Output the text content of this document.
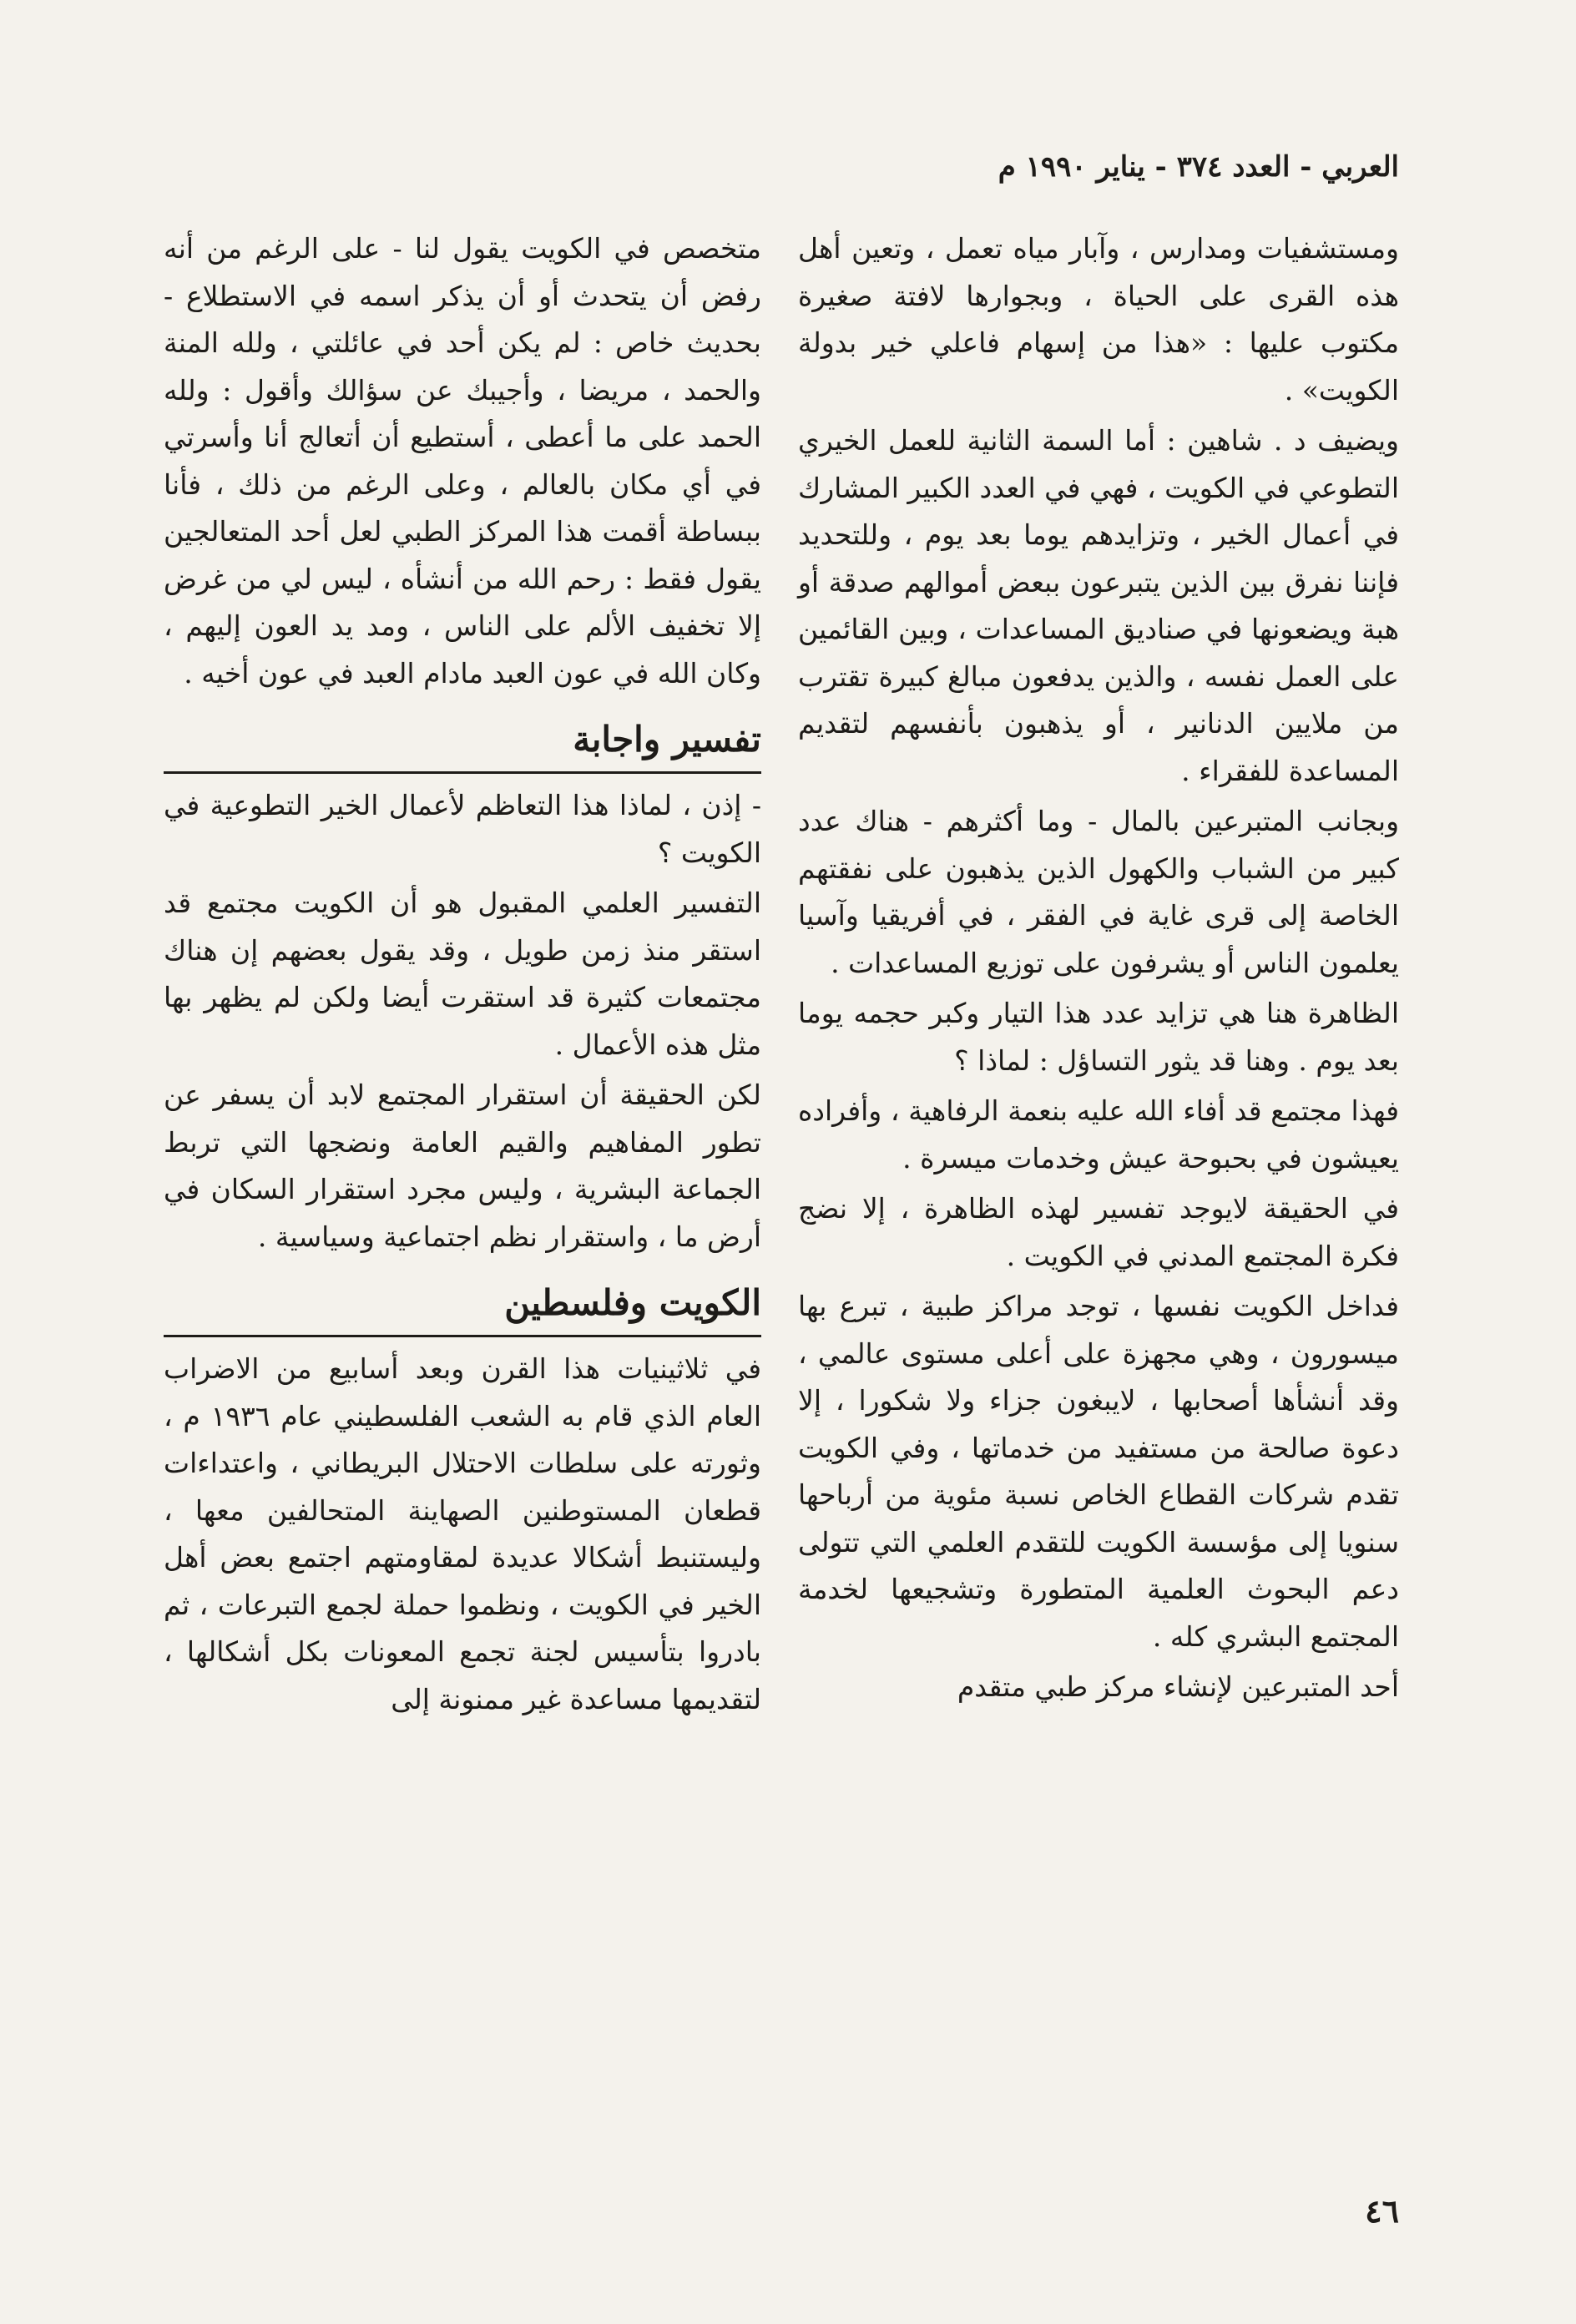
العربي - العدد ٣٧٤ - يناير ١٩٩٠ م

ومستشفيات ومدارس ، وآبار مياه تعمل ، وتعين أهل هذه القرى على الحياة ، وبجوارها لافتة صغيرة مكتوب عليها : «هذا من إسهام فاعلي خير بدولة الكويت» .

ويضيف د . شاهين : أما السمة الثانية للعمل الخيري التطوعي في الكويت ، فهي في العدد الكبير المشارك في أعمال الخير ، وتزايدهم يوما بعد يوم ، وللتحديد فإننا نفرق بين الذين يتبرعون ببعض أموالهم صدقة أو هبة ويضعونها في صناديق المساعدات ، وبين القائمين على العمل نفسه ، والذين يدفعون مبالغ كبيرة تقترب من ملايين الدنانير ، أو يذهبون بأنفسهم لتقديم المساعدة للفقراء .

وبجانب المتبرعين بالمال - وما أكثرهم - هناك عدد كبير من الشباب والكهول الذين يذهبون على نفقتهم الخاصة إلى قرى غاية في الفقر ، في أفريقيا وآسيا يعلمون الناس أو يشرفون على توزيع المساعدات .

الظاهرة هنا هي تزايد عدد هذا التيار وكبر حجمه يوما بعد يوم . وهنا قد يثور التساؤل : لماذا ؟

فهذا مجتمع قد أفاء الله عليه بنعمة الرفاهية ، وأفراده يعيشون في بحبوحة عيش وخدمات ميسرة .

في الحقيقة لايوجد تفسير لهذه الظاهرة ، إلا نضج فكرة المجتمع المدني في الكويت .

فداخل الكويت نفسها ، توجد مراكز طبية ، تبرع بها ميسورون ، وهي مجهزة على أعلى مستوى عالمي ، وقد أنشأها أصحابها ، لايبغون جزاء ولا شكورا ، إلا دعوة صالحة من مستفيد من خدماتها ، وفي الكويت تقدم شركات القطاع الخاص نسبة مئوية من أرباحها سنويا إلى مؤسسة الكويت للتقدم العلمي التي تتولى دعم البحوث العلمية المتطورة وتشجيعها لخدمة المجتمع البشري كله .

أحد المتبرعين لإنشاء مركز طبي متقدم

متخصص في الكويت يقول لنا - على الرغم من أنه رفض أن يتحدث أو أن يذكر اسمه في الاستطلاع - بحديث خاص : لم يكن أحد في عائلتي ، ولله المنة والحمد ، مريضا ، وأجيبك عن سؤالك وأقول : ولله الحمد على ما أعطى ، أستطيع أن أتعالج أنا وأسرتي في أي مكان بالعالم ، وعلى الرغم من ذلك ، فأنا ببساطة أقمت هذا المركز الطبي لعل أحد المتعالجين يقول فقط : رحم الله من أنشأه ، ليس لي من غرض إلا تخفيف الألم على الناس ، ومد يد العون إليهم ، وكان الله في عون العبد مادام العبد في عون أخيه .

تفسير واجابة

- إذن ، لماذا هذا التعاظم لأعمال الخير التطوعية في الكويت ؟

التفسير العلمي المقبول هو أن الكويت مجتمع قد استقر منذ زمن طويل ، وقد يقول بعضهم إن هناك مجتمعات كثيرة قد استقرت أيضا ولكن لم يظهر بها مثل هذه الأعمال .

لكن الحقيقة أن استقرار المجتمع لابد أن يسفر عن تطور المفاهيم والقيم العامة ونضجها التي تربط الجماعة البشرية ، وليس مجرد استقرار السكان في أرض ما ، واستقرار نظم اجتماعية وسياسية .

الكويت وفلسطين

في ثلاثينيات هذا القرن وبعد أسابيع من الاضراب العام الذي قام به الشعب الفلسطيني عام ١٩٣٦ م ، وثورته على سلطات الاحتلال البريطاني ، واعتداءات قطعان المستوطنين الصهاينة المتحالفين معها ، وليستنبط أشكالا عديدة لمقاومتهم اجتمع بعض أهل الخير في الكويت ، ونظموا حملة لجمع التبرعات ، ثم بادروا بتأسيس لجنة تجمع المعونات بكل أشكالها ، لتقديمها مساعدة غير ممنونة إلى

٤٦
